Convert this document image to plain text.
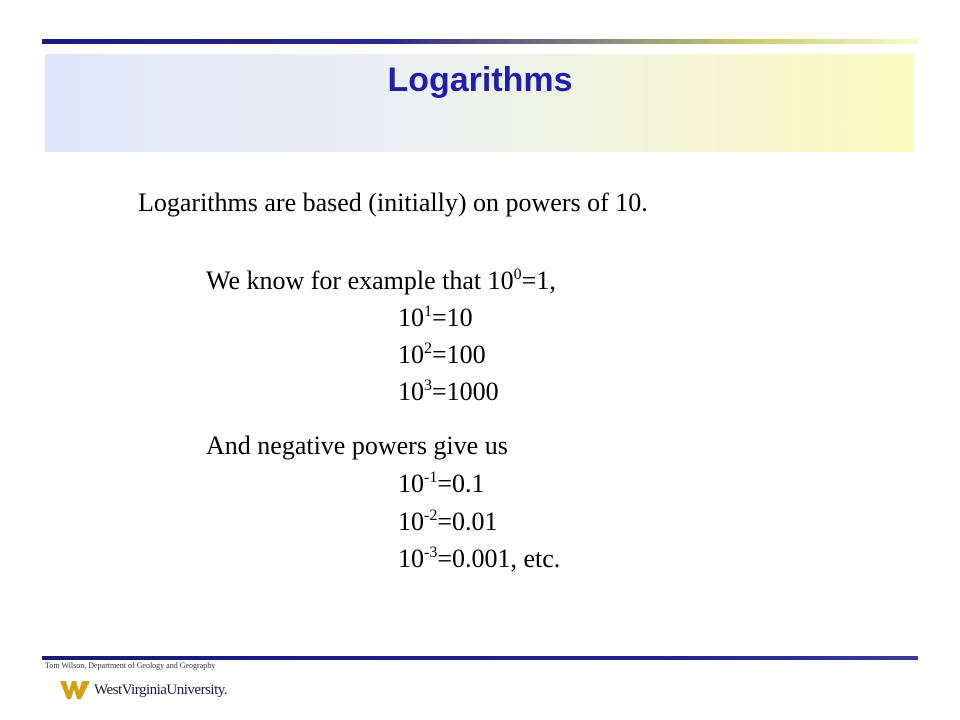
Logarithms
Logarithms are based (initially) on powers of 10.
We know for example that $10^0=1$,
$10^1=10$
$10^2=100$
$10^3=1000$
And negative powers give us
$10^{-1}=0.1$
$10^{-2}=0.01$
$10^{-3}=0.001$, etc.
Tom Wilson, Department of Geology and Geography
WestVirginiaUniversity.
